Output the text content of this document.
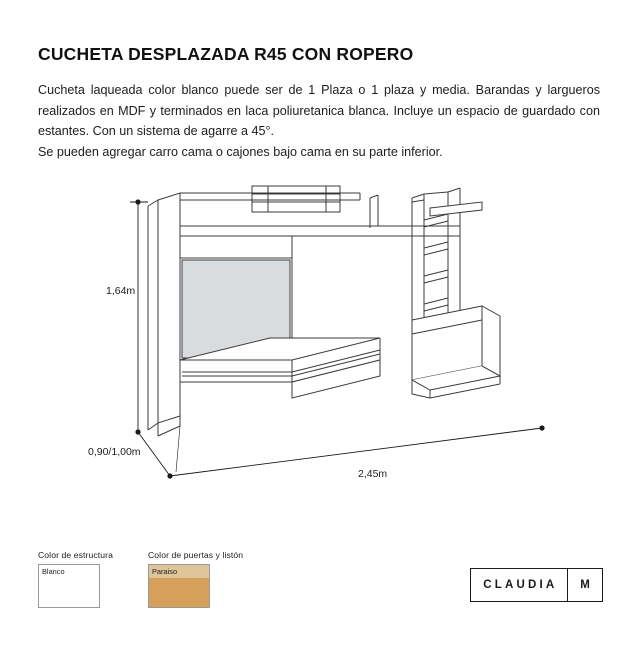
CUCHETA DESPLAZADA R45 CON ROPERO

Cucheta laqueada color blanco puede ser de 1 Plaza o 1 plaza y media. Barandas y largueros realizados en MDF y terminados en laca poliuretanica blanca. Incluye un espacio de guardado con estantes. Con un sistema de agarre a 45°.

Se pueden agregar carro cama o cajones bajo cama en su parte inferior.

1,64m
0,90/1,00m
2,45m
Color de estructura
Blanco
Color de puertas y listón
Paraiso
CLAUDIA	M
